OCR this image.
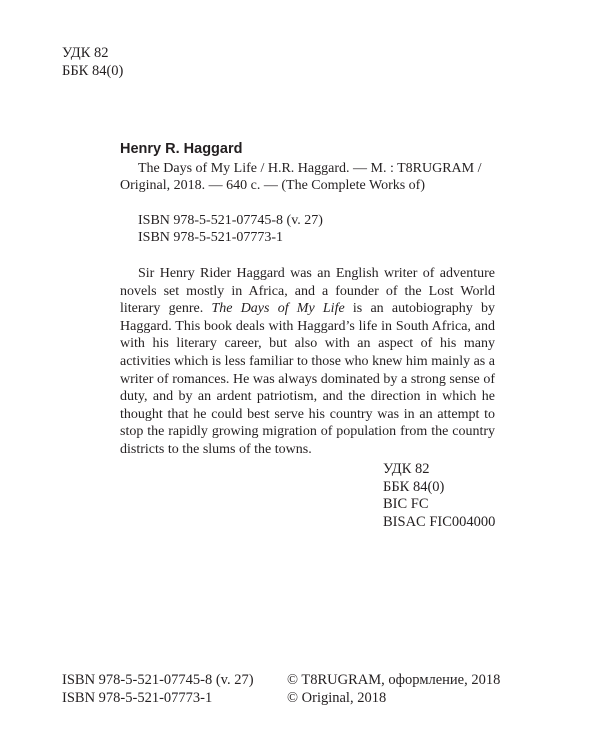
УДК 82
ББК 84(0)
Henry R. Haggard

The Days of My Life / H.R. Haggard. — M. : T8RUGRAM /
Original, 2018. — 640 c. — (The Complete Works of)

ISBN 978-5-521-07745-8 (v. 27)
ISBN 978-5-521-07773-1

Sir Henry Rider Haggard was an English writer of adventure novels set mostly in Africa, and a founder of the Lost World literary genre. The Days of My Life is an autobiography by Haggard. This book deals with Haggard’s life in South Africa, and with his literary career, but also with an aspect of his many activities which is less familiar to those who knew him mainly as a writer of romances. He was always dominated by a strong sense of duty, and by an ardent patriotism, and the direction in which he thought that he could best serve his country was in an attempt to stop the rapidly growing migration of population from the country districts to the slums of the towns.

УДК 82
ББК 84(0)
BIC FC
BISAC FIC004000
ISBN 978-5-521-07745-8 (v. 27)
ISBN 978-5-521-07773-1
© T8RUGRAM, оформление, 2018
© Original, 2018
